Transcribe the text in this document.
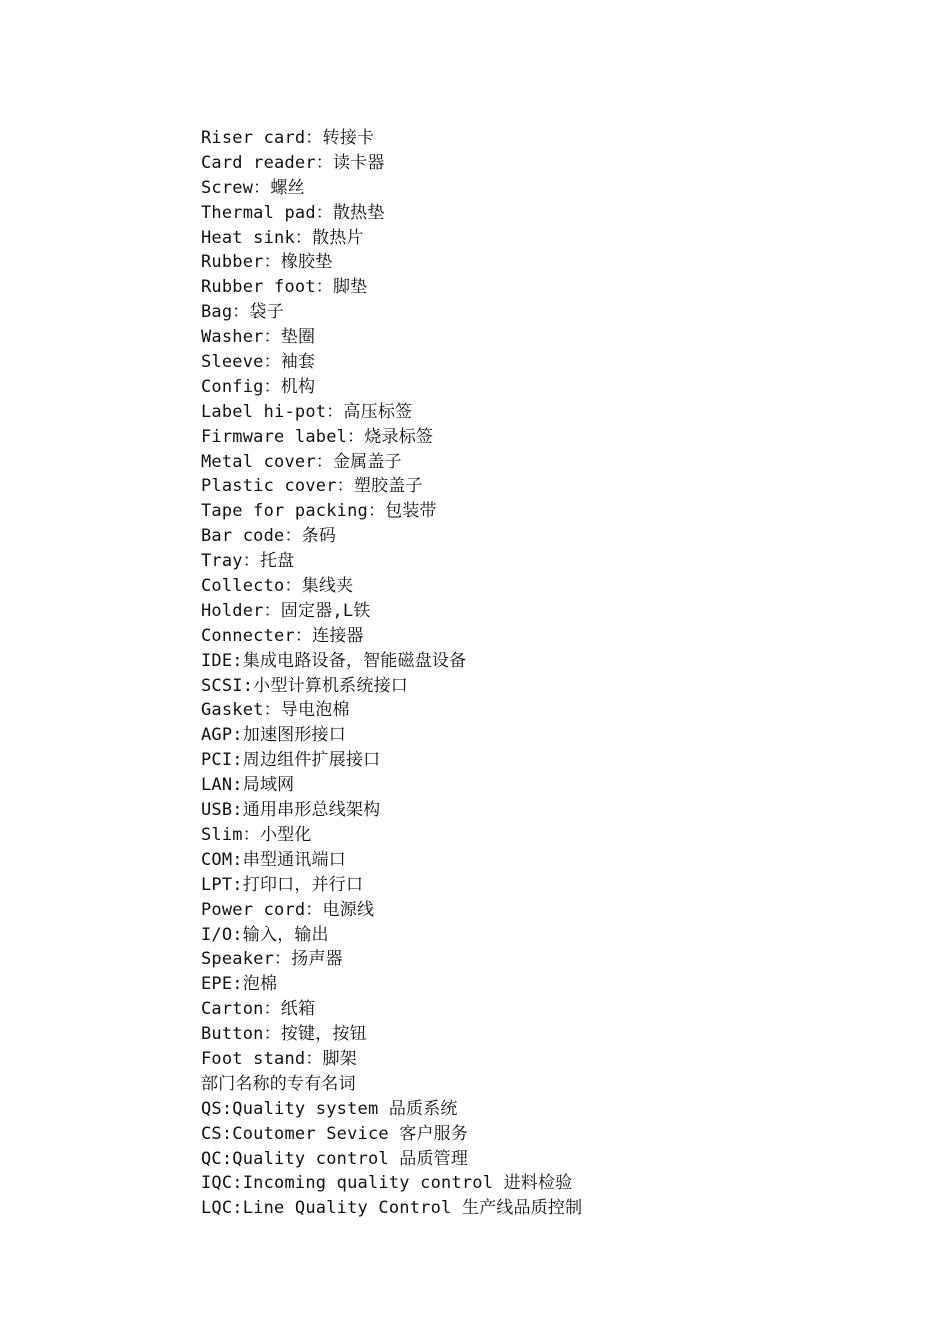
Riser card：转接卡
Card reader：读卡器
Screw：螺丝
Thermal pad：散热垫
Heat sink：散热片
Rubber：橡胶垫
Rubber foot：脚垫
Bag：袋子
Washer：垫圈
Sleeve：袖套
Config：机构
Label hi-pot：高压标签
Firmware label：烧录标签
Metal cover：金属盖子
Plastic cover：塑胶盖子
Tape for packing：包装带
Bar code：条码
Tray：托盘
Collecto：集线夹
Holder：固定器,L铁
Connecter：连接器
IDE:集成电路设备，智能磁盘设备
SCSI:小型计算机系统接口
Gasket：导电泡棉
AGP:加速图形接口
PCI:周边组件扩展接口
LAN:局域网
USB:通用串形总线架构
Slim：小型化
COM:串型通讯端口
LPT:打印口，并行口
Power cord：电源线
I/O:输入，输出
Speaker：扬声器
EPE:泡棉
Carton：纸箱
Button：按键，按钮
Foot stand：脚架
部门名称的专有名词
QS:Quality system 品质系统
CS:Coutomer Sevice 客户服务
QC:Quality control 品质管理
IQC:Incoming quality control 进料检验
LQC:Line Quality Control 生产线品质控制
